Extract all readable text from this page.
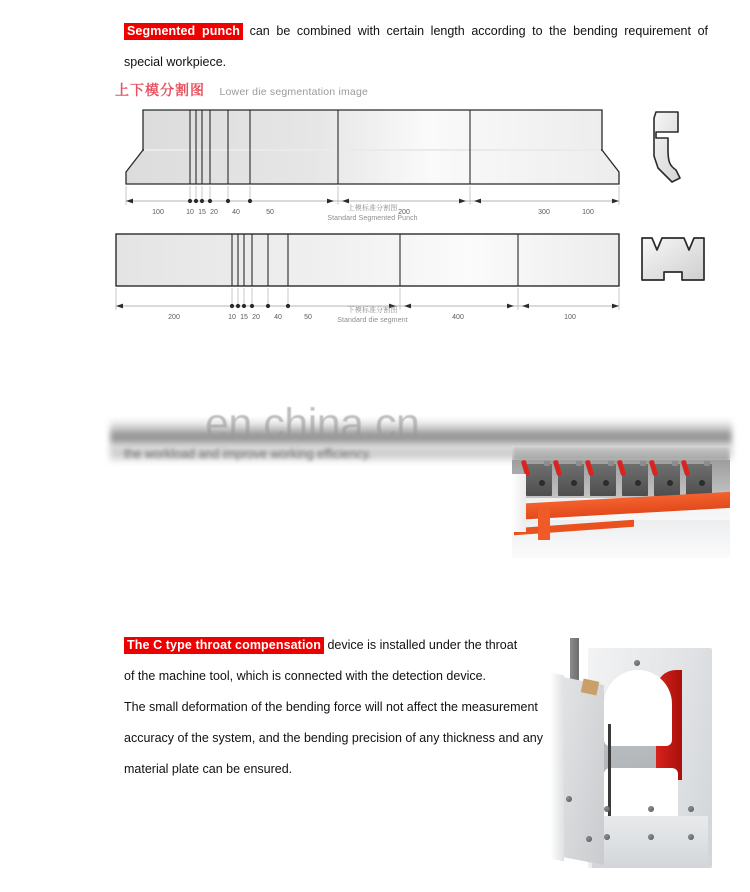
Segmented punch can be combined with certain length according to the bending requirement of
special workpiece.
上下模分割图 Lower die segmentation image
100	10 15 20 40	50	200	300	100
上模标准分割图
Standard Segmented Punch
200	10 15 20 40	50	400	100
下模标准分割图
Standard die segment
the workload and improve working efficiency.
en.china.cn
The C type throat compensation device is installed under the throat of the machine tool, which is connected with the detection device. The small deformation of the bending force will not affect the measurement accuracy of the system, and the bending precision of any thickness and any material plate can be ensured.
